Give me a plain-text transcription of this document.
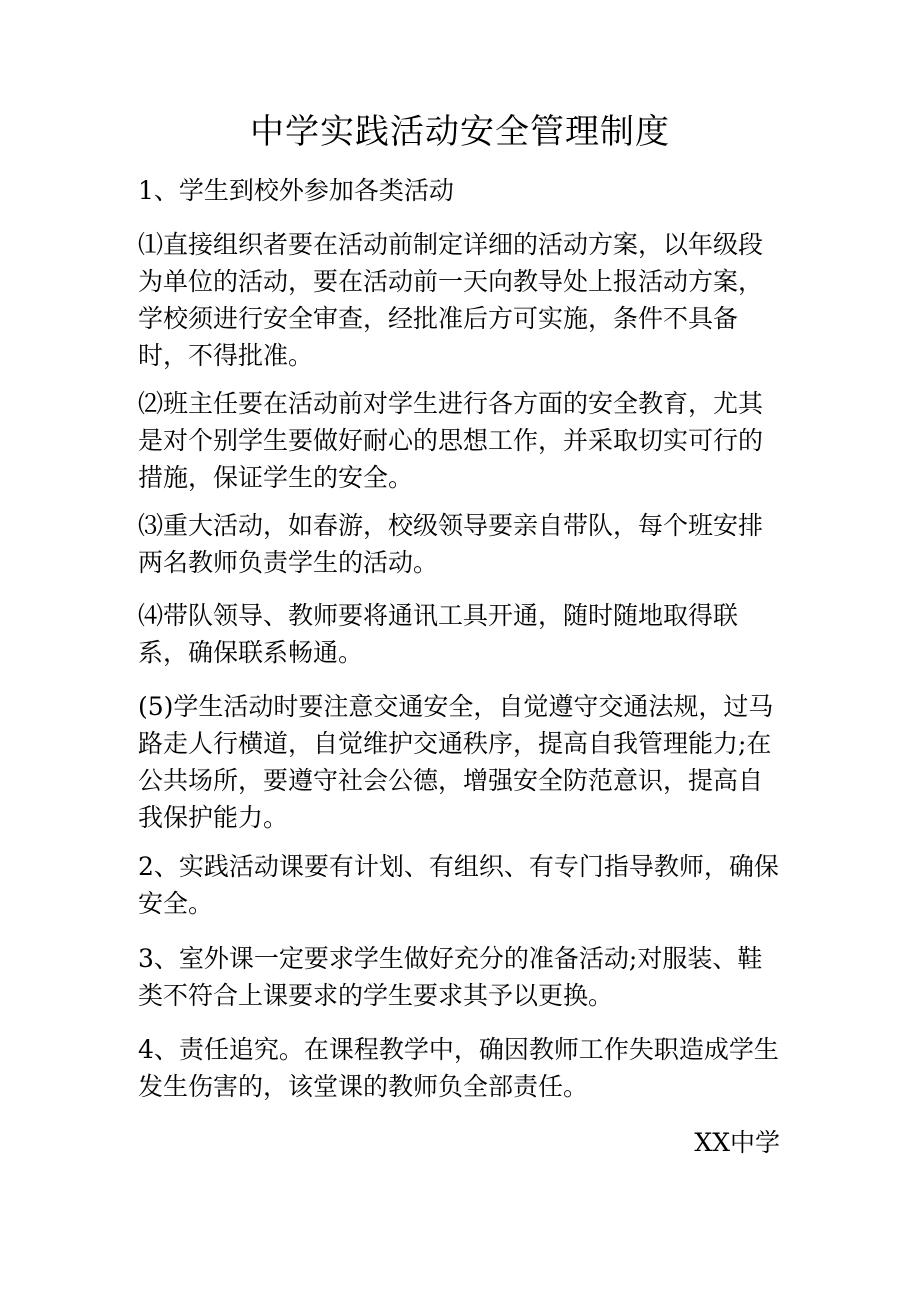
中学实践活动安全管理制度

1、学生到校外参加各类活动

⑴直接组织者要在活动前制定详细的活动方案，以年级段为单位的活动，要在活动前一天向教导处上报活动方案，学校须进行安全审查，经批准后方可实施，条件不具备时，不得批准。

⑵班主任要在活动前对学生进行各方面的安全教育，尤其是对个别学生要做好耐心的思想工作，并采取切实可行的措施，保证学生的安全。

⑶重大活动，如春游，校级领导要亲自带队，每个班安排两名教师负责学生的活动。

⑷带队领导、教师要将通讯工具开通，随时随地取得联系，确保联系畅通。

(5)学生活动时要注意交通安全，自觉遵守交通法规，过马路走人行横道，自觉维护交通秩序，提高自我管理能力;在公共场所，要遵守社会公德，增强安全防范意识，提高自我保护能力。

2、实践活动课要有计划、有组织、有专门指导教师，确保安全。

3、室外课一定要求学生做好充分的准备活动;对服装、鞋类不符合上课要求的学生要求其予以更换。

4、责任追究。在课程教学中，确因教师工作失职造成学生发生伤害的，该堂课的教师负全部责任。

XX中学
